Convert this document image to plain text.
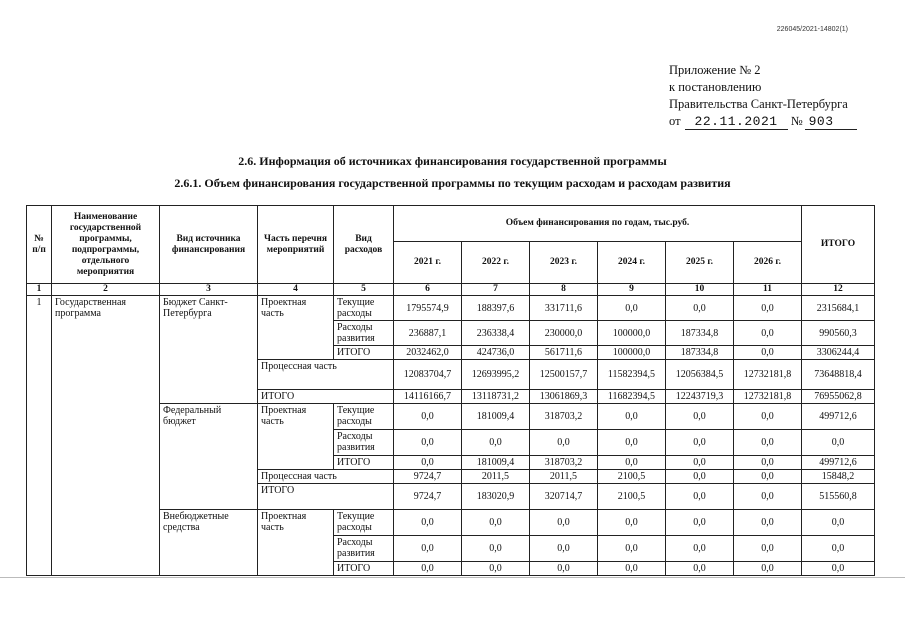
226045/2021-14802(1)
Приложение № 2
к постановлению
Правительства Санкт-Петербурга
от 22.11.2021 № 903
2.6. Информация об источниках финансирования государственной программы
2.6.1. Объем финансирования государственной программы по текущим расходам и расходам развития
№ п/п	Наименование государственной программы, подпрограммы, отдельного мероприятия	Вид источника финансирования	Часть перечня мероприятий	Вид расходов	Объем финансирования по годам, тыс.руб.						ИТОГО
					2021 г.	2022 г.	2023 г.	2024 г.	2025 г.	2026 г.	
1	2	3	4	5	6	7	8	9	10	11	12
1	Государственная программа	Бюджет Санкт-Петербурга	Проектная часть	Текущие расходы	1795574,9	188397,6	331711,6	0,0	0,0	0,0	2315684,1
				Расходы развития	236887,1	236338,4	230000,0	100000,0	187334,8	0,0	990560,3
				ИТОГО	2032462,0	424736,0	561711,6	100000,0	187334,8	0,0	3306244,4
			Процессная часть		12083704,7	12693995,2	12500157,7	11582394,5	12056384,5	12732181,8	73648818,4
			ИТОГО		14116166,7	13118731,2	13061869,3	11682394,5	12243719,3	12732181,8	76955062,8
		Федеральный бюджет	Проектная часть	Текущие расходы	0,0	181009,4	318703,2	0,0	0,0	0,0	499712,6
				Расходы развития	0,0	0,0	0,0	0,0	0,0	0,0	0,0
				ИТОГО	0,0	181009,4	318703,2	0,0	0,0	0,0	499712,6
			Процессная часть		9724,7	2011,5	2011,5	2100,5	0,0	0,0	15848,2
			ИТОГО		9724,7	183020,9	320714,7	2100,5	0,0	0,0	515560,8
		Внебюджетные средства	Проектная часть	Текущие расходы	0,0	0,0	0,0	0,0	0,0	0,0	0,0
				Расходы развития	0,0	0,0	0,0	0,0	0,0	0,0	0,0
				ИТОГО	0,0	0,0	0,0	0,0	0,0	0,0	0,0
